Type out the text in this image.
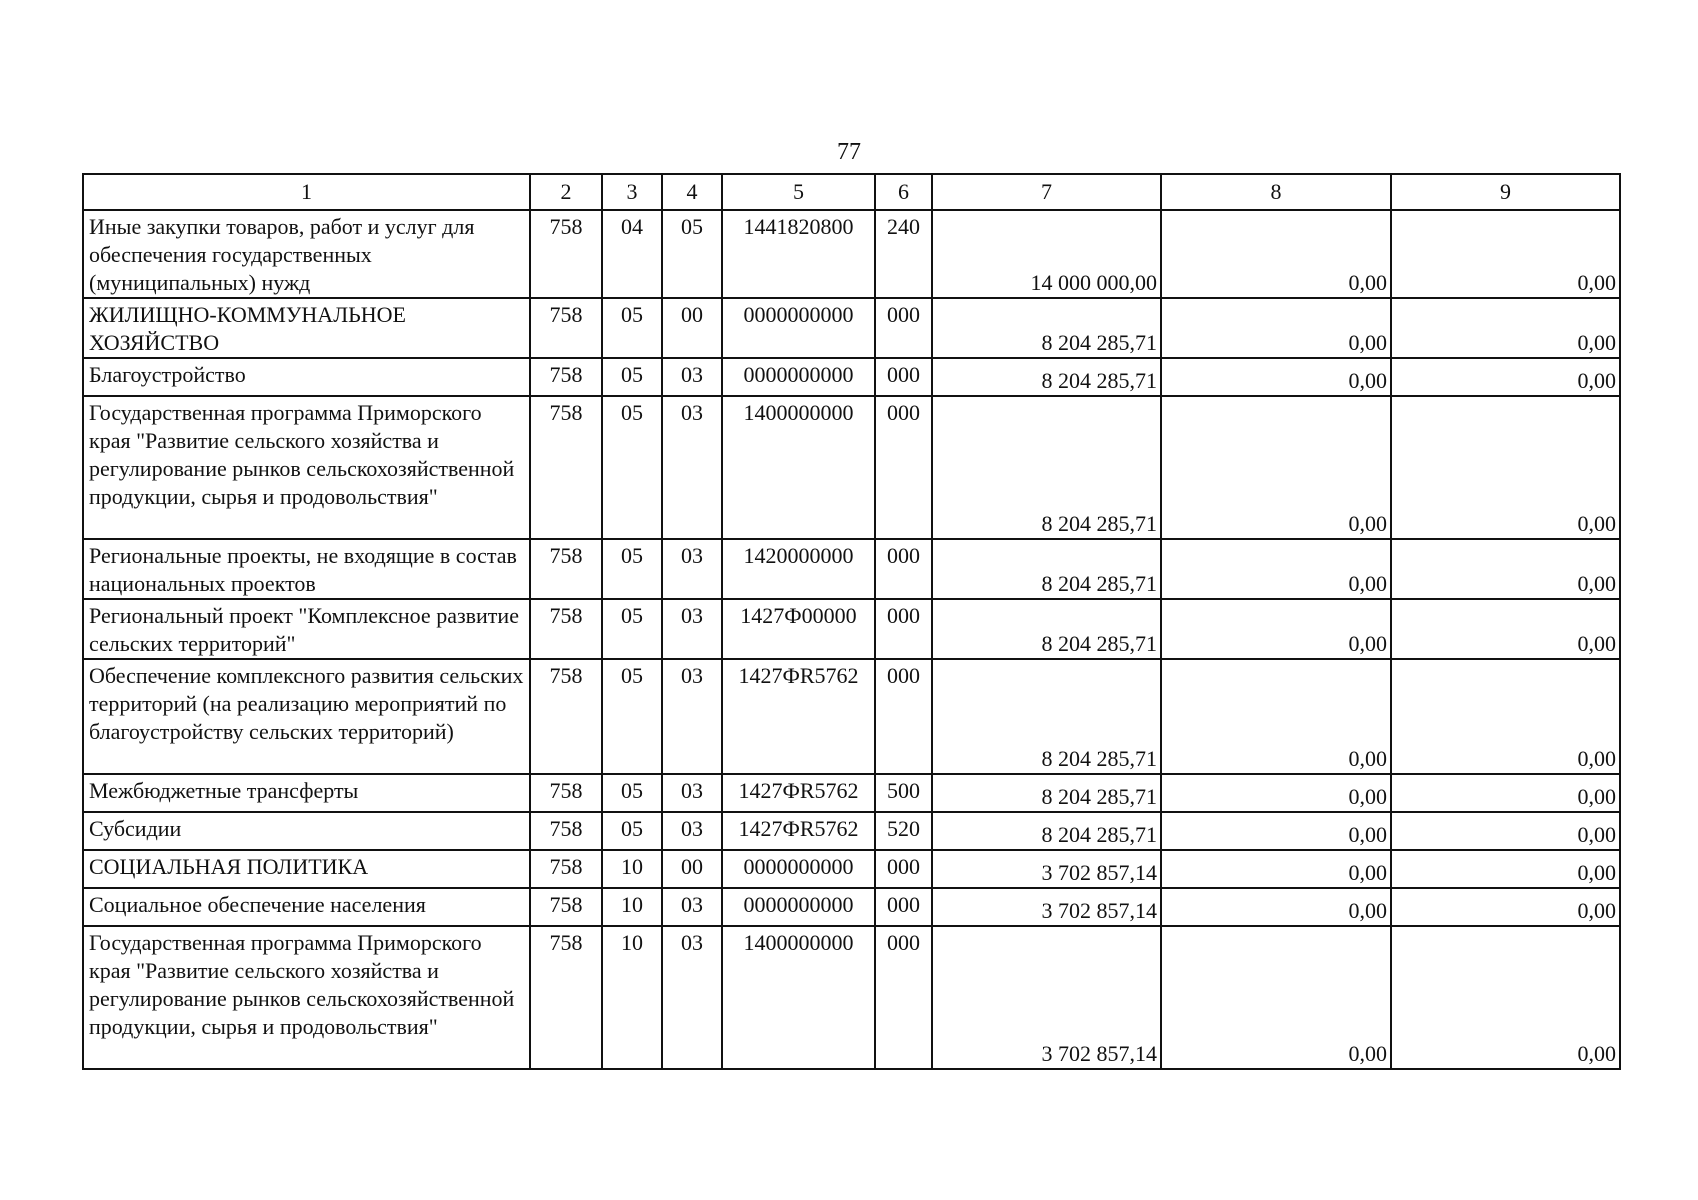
77
1	2	3	4	5	6	7	8	9
Иные закупки товаров, работ и услуг для обеспечения государственных (муниципальных) нужд	758	04	05	1441820800	240	14 000 000,00	0,00	0,00
ЖИЛИЩНО-КОММУНАЛЬНОЕ ХОЗЯЙСТВО	758	05	00	0000000000	000	8 204 285,71	0,00	0,00
Благоустройство	758	05	03	0000000000	000	8 204 285,71	0,00	0,00
Государственная программа Приморского края "Развитие сельского хозяйства и регулирование рынков сельскохозяйственной продукции, сырья и продовольствия"	758	05	03	1400000000	000	8 204 285,71	0,00	0,00
Региональные проекты, не входящие в состав национальных проектов	758	05	03	1420000000	000	8 204 285,71	0,00	0,00
Региональный проект "Комплексное развитие сельских территорий"	758	05	03	1427Ф00000	000	8 204 285,71	0,00	0,00
Обеспечение комплексного развития сельских территорий (на реализацию мероприятий по благоустройству сельских территорий)	758	05	03	1427ФR5762	000	8 204 285,71	0,00	0,00
Межбюджетные трансферты	758	05	03	1427ФR5762	500	8 204 285,71	0,00	0,00
Субсидии	758	05	03	1427ФR5762	520	8 204 285,71	0,00	0,00
СОЦИАЛЬНАЯ ПОЛИТИКА	758	10	00	0000000000	000	3 702 857,14	0,00	0,00
Социальное обеспечение населения	758	10	03	0000000000	000	3 702 857,14	0,00	0,00
Государственная программа Приморского края "Развитие сельского хозяйства и регулирование рынков сельскохозяйственной продукции, сырья и продовольствия"	758	10	03	1400000000	000	3 702 857,14	0,00	0,00
